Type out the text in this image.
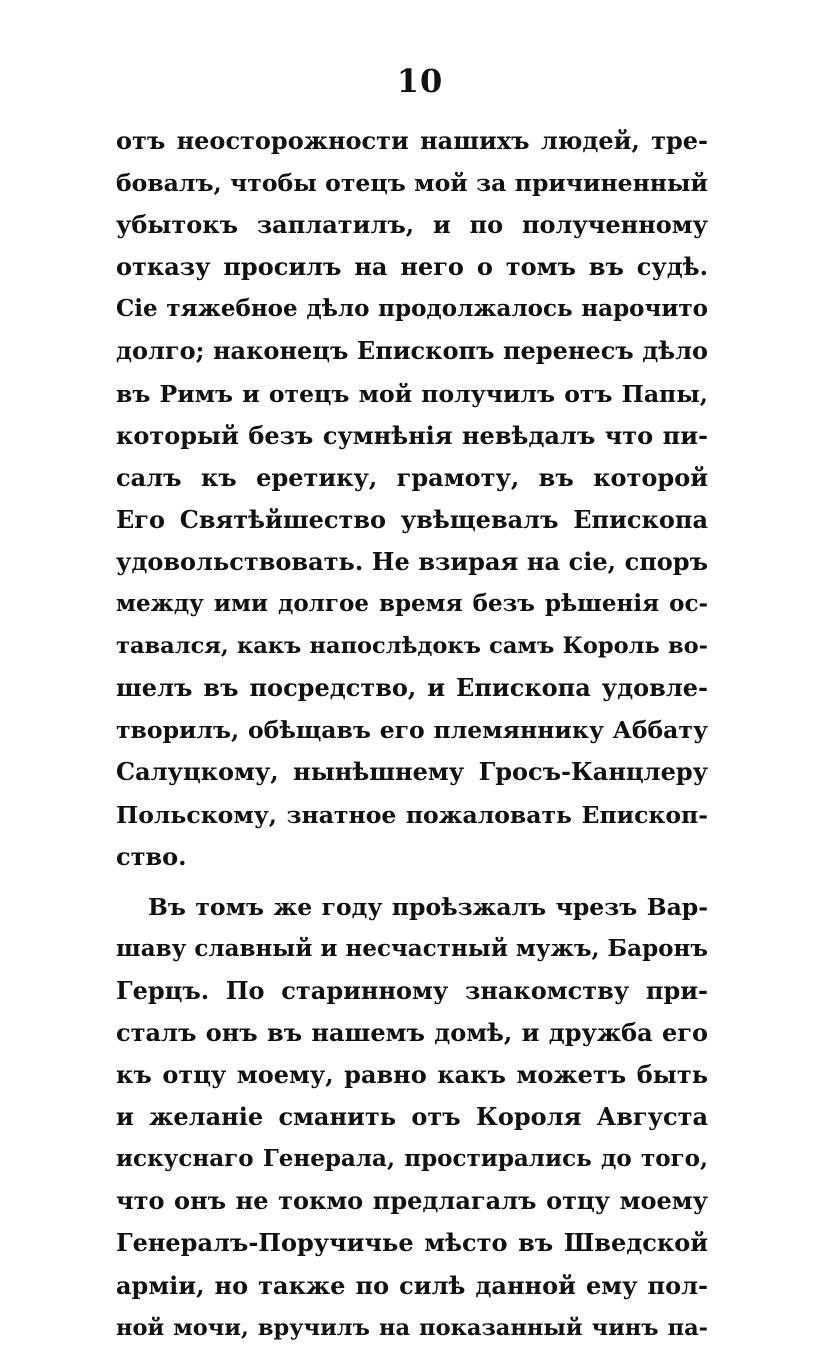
10
отъ неосторожности нашихъ людей, тре-
бовалъ, чтобы отецъ мой за причиненный
убытокъ заплатилъ, и по полученному
отказу просилъ на него о томъ въ судѣ.
Сіе тяжебное дѣло продолжалось нарочито
долго; наконецъ Епископъ перенесъ дѣло
въ Римъ и отецъ мой получилъ отъ Папы,
который безъ сумнѣнія невѣдалъ что пи-
салъ къ еретику, грамоту, въ которой
Его Святѣйшество увѣщевалъ Епископа
удовольствовать. Не взирая на сіе, споръ
между ими долгое время безъ рѣшенія ос-
тавался, какъ напослѣдокъ самъ Король во-
шелъ въ посредство, и Епископа удовле-
творилъ, обѣщавъ его племяннику Аббату
Салуцкому, нынѣшнему Гросъ-Канцлеру
Польскому, знатное пожаловать Епископ-
ство.
Въ томъ же году проѣзжалъ чрезъ Вар-
шаву славный и несчастный мужъ, Баронъ
Герцъ. По старинному знакомству при-
сталъ онъ въ нашемъ домѣ, и дружба его
къ отцу моему, равно какъ можетъ быть
и желаніе сманить отъ Короля Августа
искуснаго Генерала, простирались до того,
что онъ не токмо предлагалъ отцу моему
Генералъ-Поручичье мѣсто въ Шведской
арміи, но также по силѣ данной ему пол-
ной мочи, вручилъ на показанный чинъ па-
